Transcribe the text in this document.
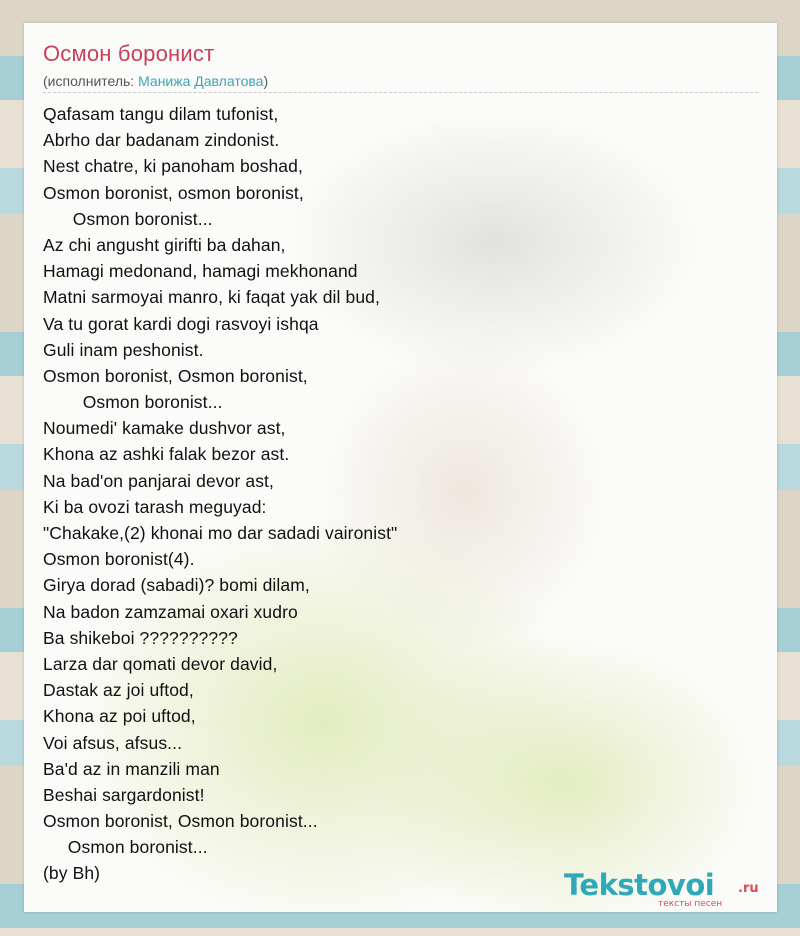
Осмон боронист
(исполнитель: Манижа Давлатова)
Qafasam tangu dilam tufonist,
Abrho dar badanam zindonist.
Nest chatre, ki panoham boshad,
Osmon boronist, osmon boronist,
Osmon boronist...
Az chi angusht girifti ba dahan,
Hamagi medonand, hamagi mekhonand
Matni sarmoyai manro, ki faqat yak dil bud,
Va tu gorat kardi dogi rasvoyi ishqa
Guli inam peshonist.
Osmon boronist, Osmon boronist,
Osmon boronist...
Noumedi' kamake dushvor ast,
Khona az ashki falak bezor ast.
Na bad'on panjarai devor ast,
Ki ba ovozi tarash meguyad:
"Chakake,(2) khonai mo dar sadadi vaironist"
Osmon boronist(4).
Girya dorad (sabadi)? bomi dilam,
Na badon zamzamai oxari xudro
Ba shikeboi ??????????
Larza dar qomati devor david,
Dastak az joi uftod,
Khona az poi uftod,
Voi afsus, afsus...
Ba'd az in manzili man
Beshai sargardonist!
Osmon boronist, Osmon boronist...
Osmon boronist...
(by Bh)	Tekstovoi .ru
тексты песен
